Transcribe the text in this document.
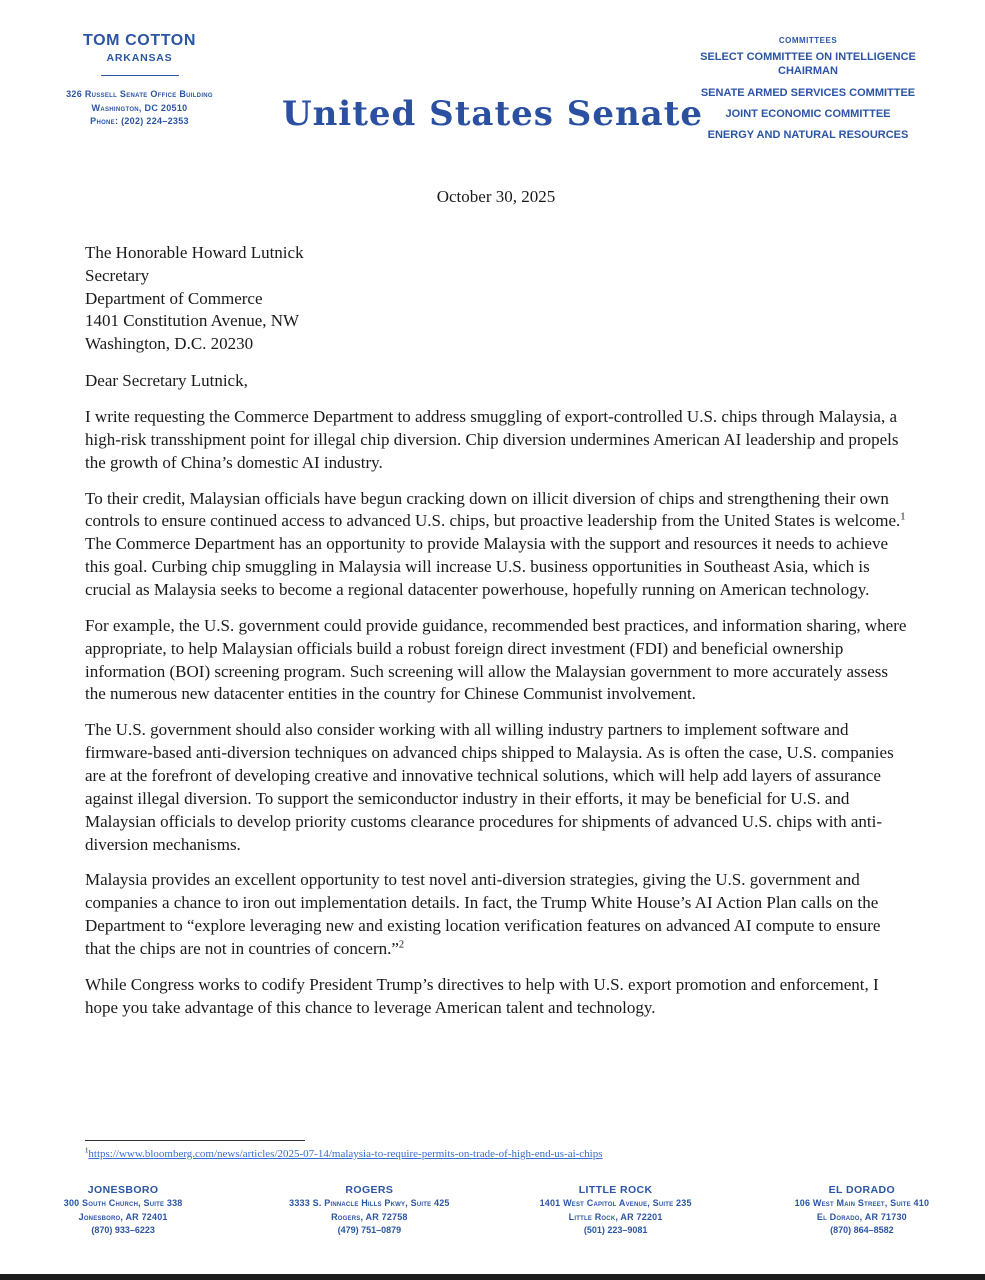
TOM COTTON
ARKANSAS
326 Russell Senate Office Building
Washington, DC 20510
Phone: (202) 224–2353	United States Senate
COMMITTEES
SELECT COMMITTEE ON INTELLIGENCE
CHAIRMAN
SENATE ARMED SERVICES COMMITTEE
JOINT ECONOMIC COMMITTEE
ENERGY AND NATURAL RESOURCES
October 30, 2025
The Honorable Howard Lutnick
Secretary
Department of Commerce
1401 Constitution Avenue, NW
Washington, D.C. 20230
Dear Secretary Lutnick,

I write requesting the Commerce Department to address smuggling of export-controlled U.S. chips through Malaysia, a high-risk transshipment point for illegal chip diversion. Chip diversion undermines American AI leadership and propels the growth of China’s domestic AI industry.

To their credit, Malaysian officials have begun cracking down on illicit diversion of chips and strengthening their own controls to ensure continued access to advanced U.S. chips, but proactive leadership from the United States is welcome.$^1$ The Commerce Department has an opportunity to provide Malaysia with the support and resources it needs to achieve this goal. Curbing chip smuggling in Malaysia will increase U.S. business opportunities in Southeast Asia, which is crucial as Malaysia seeks to become a regional datacenter powerhouse, hopefully running on American technology.

For example, the U.S. government could provide guidance, recommended best practices, and information sharing, where appropriate, to help Malaysian officials build a robust foreign direct investment (FDI) and beneficial ownership information (BOI) screening program. Such screening will allow the Malaysian government to more accurately assess the numerous new datacenter entities in the country for Chinese Communist involvement.

The U.S. government should also consider working with all willing industry partners to implement software and firmware-based anti-diversion techniques on advanced chips shipped to Malaysia. As is often the case, U.S. companies are at the forefront of developing creative and innovative technical solutions, which will help add layers of assurance against illegal diversion. To support the semiconductor industry in their efforts, it may be beneficial for U.S. and Malaysian officials to develop priority customs clearance procedures for shipments of advanced U.S. chips with anti-diversion mechanisms.

Malaysia provides an excellent opportunity to test novel anti-diversion strategies, giving the U.S. government and companies a chance to iron out implementation details. In fact, the Trump White House’s AI Action Plan calls on the Department to “explore leveraging new and existing location verification features on advanced AI compute to ensure that the chips are not in countries of concern.”$^2$

While Congress works to codify President Trump’s directives to help with U.S. export promotion and enforcement, I hope you take advantage of this chance to leverage American talent and technology.

$^1$https://www.bloomberg.com/news/articles/2025-07-14/malaysia-to-require-permits-on-trade-of-high-end-us-ai-chips
JONESBORO
300 South Church, Suite 338
Jonesboro, AR 72401
(870) 933–6223
ROGERS
3333 S. Pinnacle Hills Pkwy, Suite 425
Rogers, AR 72758
(479) 751–0879
LITTLE ROCK
1401 West Capitol Avenue, Suite 235
Little Rock, AR 72201
(501) 223–9081
EL DORADO
106 West Main Street, Suite 410
El Dorado, AR 71730
(870) 864–8582
